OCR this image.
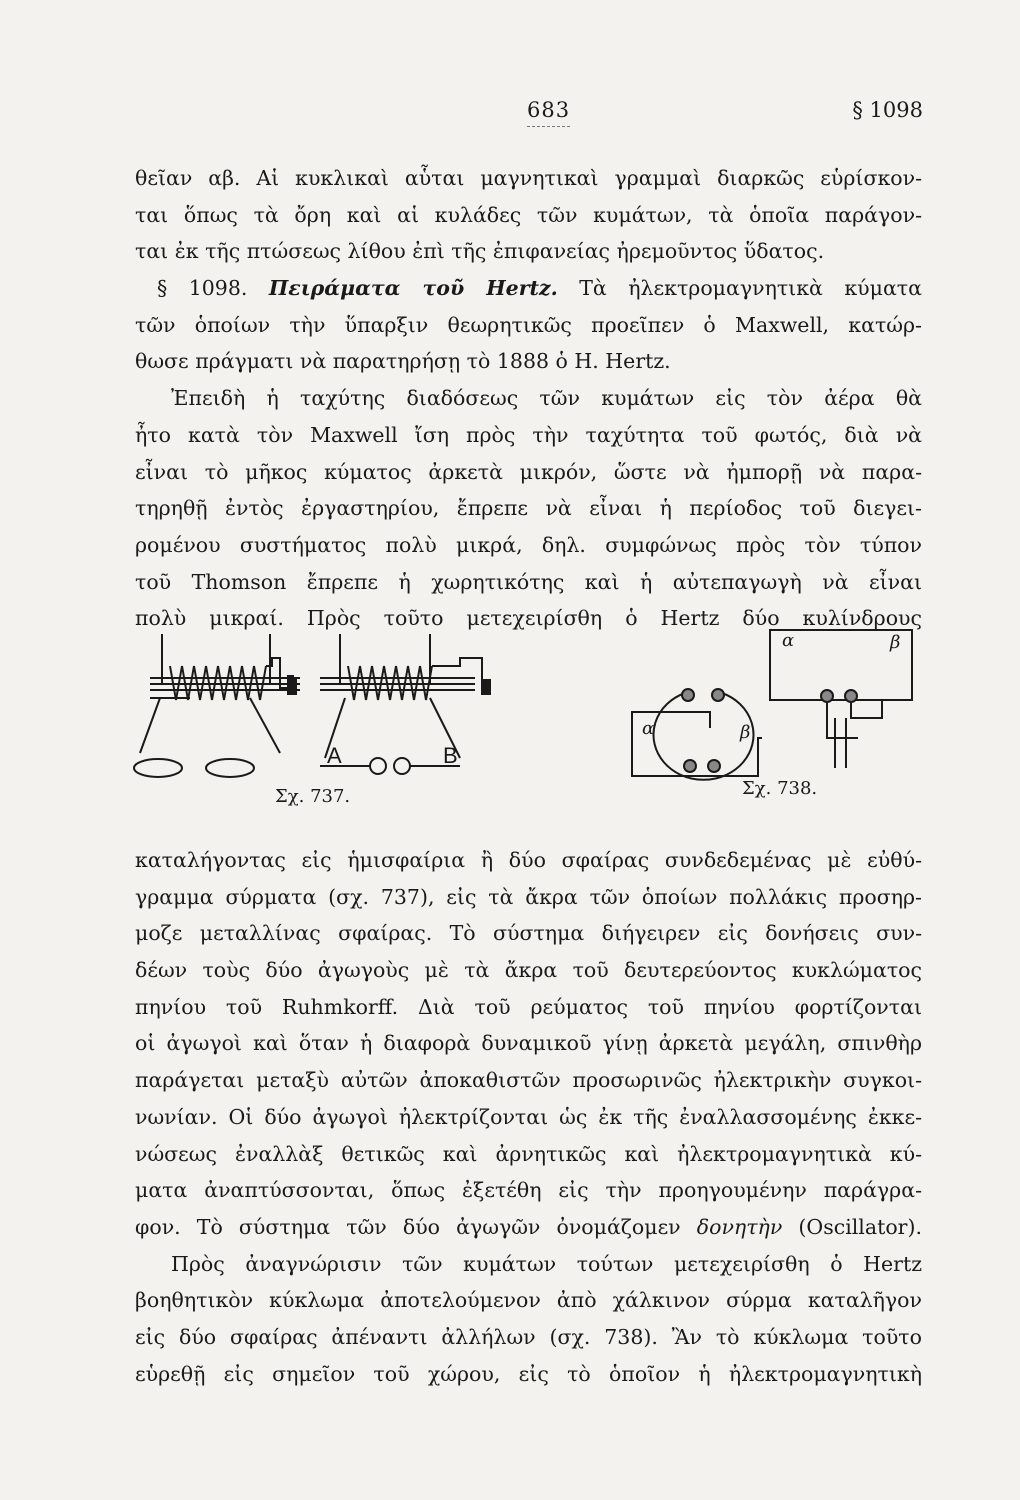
683	§ 1098
θεῖαν αβ. Αἱ κυκλικαὶ αὗται μαγνητικαὶ γραμμαὶ διαρκῶς εὑρίσκον-
ται ὅπως τὰ ὄρη καὶ αἱ κυλάδες τῶν κυμάτων, τὰ ὁποῖα παράγον-
ται ἐκ τῆς πτώσεως λίθου ἐπὶ τῆς ἐπιφανείας ἠρεμοῦντος ὕδατος.
§ 1098. Πειράματα τοῦ Hertz. Τὰ ἠλεκτρομαγνητικὰ κύματα
τῶν ὁποίων τὴν ὕπαρξιν θεωρητικῶς προεῖπεν ὁ Maxwell, κατώρ-
θωσε πράγματι νὰ παρατηρήσῃ τὸ 1888 ὁ Η. Hertz.
Ἐπειδὴ ἡ ταχύτης διαδόσεως τῶν κυμάτων εἰς τὸν ἀέρα θὰ
ἦτο κατὰ τὸν Maxwell ἴση πρὸς τὴν ταχύτητα τοῦ φωτός, διὰ νὰ
εἶναι τὸ μῆκος κύματος ἀρκετὰ μικρόν, ὥστε νὰ ἠμπορῇ νὰ παρα-
τηρηθῇ ἐντὸς ἐργαστηρίου, ἔπρεπε νὰ εἶναι ἡ περίοδος τοῦ διεγει-
ρομένου συστήματος πολὺ μικρά, δηλ. συμφώνως πρὸς τὸν τύπον
τοῦ Thomson ἔπρεπε ἡ χωρητικότης καὶ ἡ αὐτεπαγωγὴ νὰ εἶναι
πολὺ μικραί. Πρὸς τοῦτο μετεχειρίσθη ὁ Hertz δύο κυλίνδρους
A	B
α	β
α	β
Σχ. 737.	Σχ. 738.
καταλήγοντας εἰς ἡμισφαίρια ἢ δύο σφαίρας συνδεδεμένας μὲ εὐθύ-
γραμμα σύρματα (σχ. 737), εἰς τὰ ἄκρα τῶν ὁποίων πολλάκις προσηρ-
μοζε μεταλλίνας σφαίρας. Τὸ σύστημα διήγειρεν εἰς δονήσεις συν-
δέων τοὺς δύο ἀγωγοὺς μὲ τὰ ἄκρα τοῦ δευτερεύοντος κυκλώματος
πηνίου τοῦ Ruhmkorff. Διὰ τοῦ ρεύματος τοῦ πηνίου φορτίζονται
οἱ ἀγωγοὶ καὶ ὅταν ἡ διαφορὰ δυναμικοῦ γίνῃ ἀρκετὰ μεγάλη, σπινθὴρ
παράγεται μεταξὺ αὐτῶν ἀποκαθιστῶν προσωρινῶς ἠλεκτρικὴν συγκοι-
νωνίαν. Οἱ δύο ἀγωγοὶ ἠλεκτρίζονται ὡς ἐκ τῆς ἐναλλασσομένης ἐκκε-
νώσεως ἐναλλὰξ θετικῶς καὶ ἀρνητικῶς καὶ ἠλεκτρομαγνητικὰ κύ-
ματα ἀναπτύσσονται, ὅπως ἐξετέθη εἰς τὴν προηγουμένην παράγρα-
φον. Τὸ σύστημα τῶν δύο ἀγωγῶν ὀνομάζομεν δονητὴν (Oscillator).
Πρὸς ἀναγνώρισιν τῶν κυμάτων τούτων μετεχειρίσθη ὁ Hertz
βοηθητικὸν κύκλωμα ἀποτελούμενον ἀπὸ χάλκινον σύρμα καταλῆγον
εἰς δύο σφαίρας ἀπέναντι ἀλλήλων (σχ. 738). Ἂν τὸ κύκλωμα τοῦτο
εὑρεθῇ εἰς σημεῖον τοῦ χώρου, εἰς τὸ ὁποῖον ἡ ἠλεκτρομαγνητικὴ
